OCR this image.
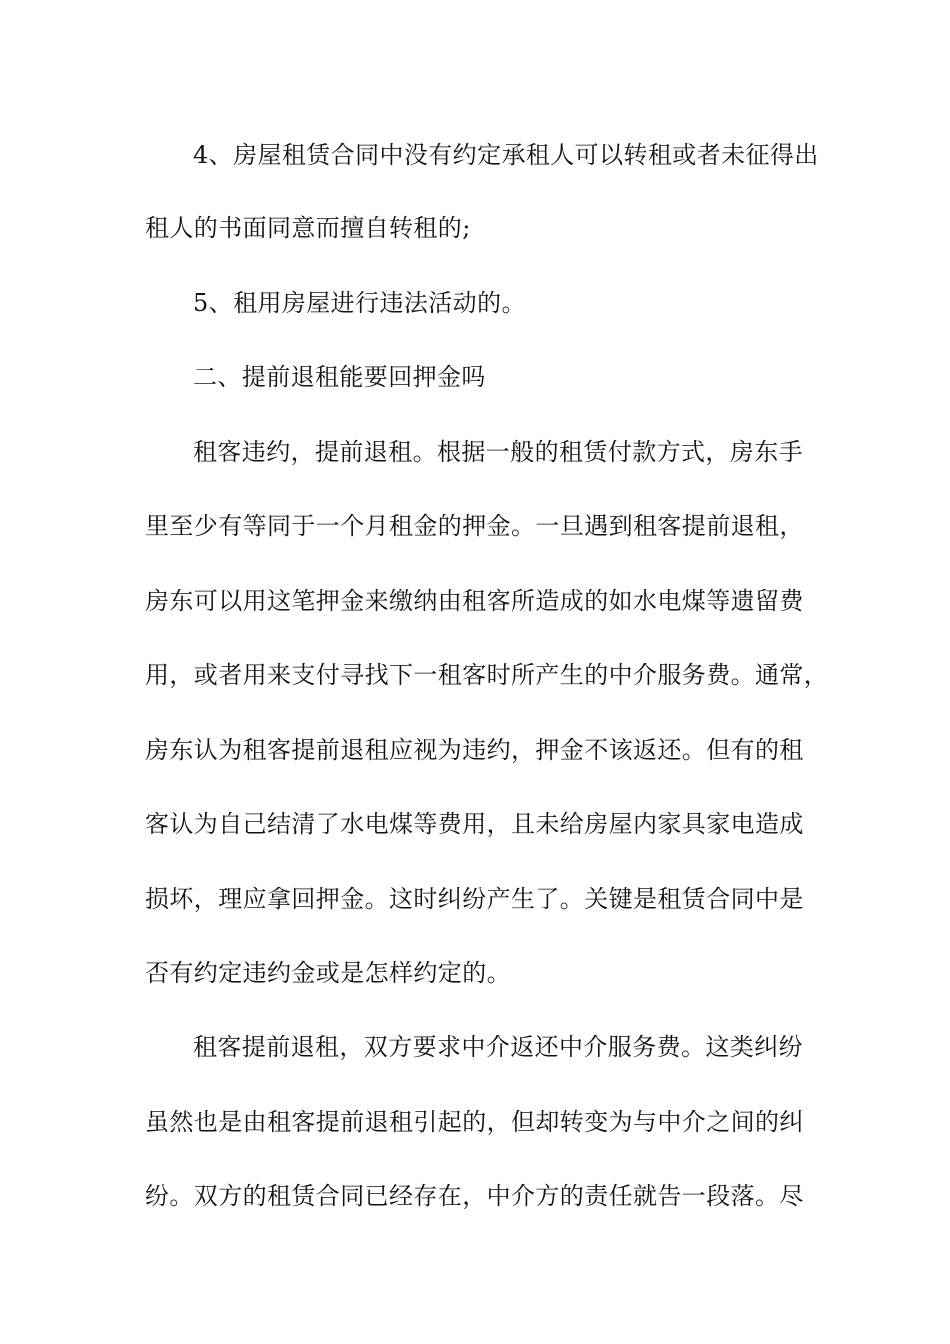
4、房屋租赁合同中没有约定承租人可以转租或者未征得出
租人的书面同意而擅自转租的;
5、租用房屋进行违法活动的。
二、提前退租能要回押金吗
租客违约，提前退租。根据一般的租赁付款方式，房东手
里至少有等同于一个月租金的押金。一旦遇到租客提前退租，
房东可以用这笔押金来缴纳由租客所造成的如水电煤等遗留费
用，或者用来支付寻找下一租客时所产生的中介服务费。通常，
房东认为租客提前退租应视为违约，押金不该返还。但有的租
客认为自己结清了水电煤等费用，且未给房屋内家具家电造成
损坏，理应拿回押金。这时纠纷产生了。关键是租赁合同中是
否有约定违约金或是怎样约定的。
租客提前退租，双方要求中介返还中介服务费。这类纠纷
虽然也是由租客提前退租引起的，但却转变为与中介之间的纠
纷。双方的租赁合同已经存在，中介方的责任就告一段落。尽
